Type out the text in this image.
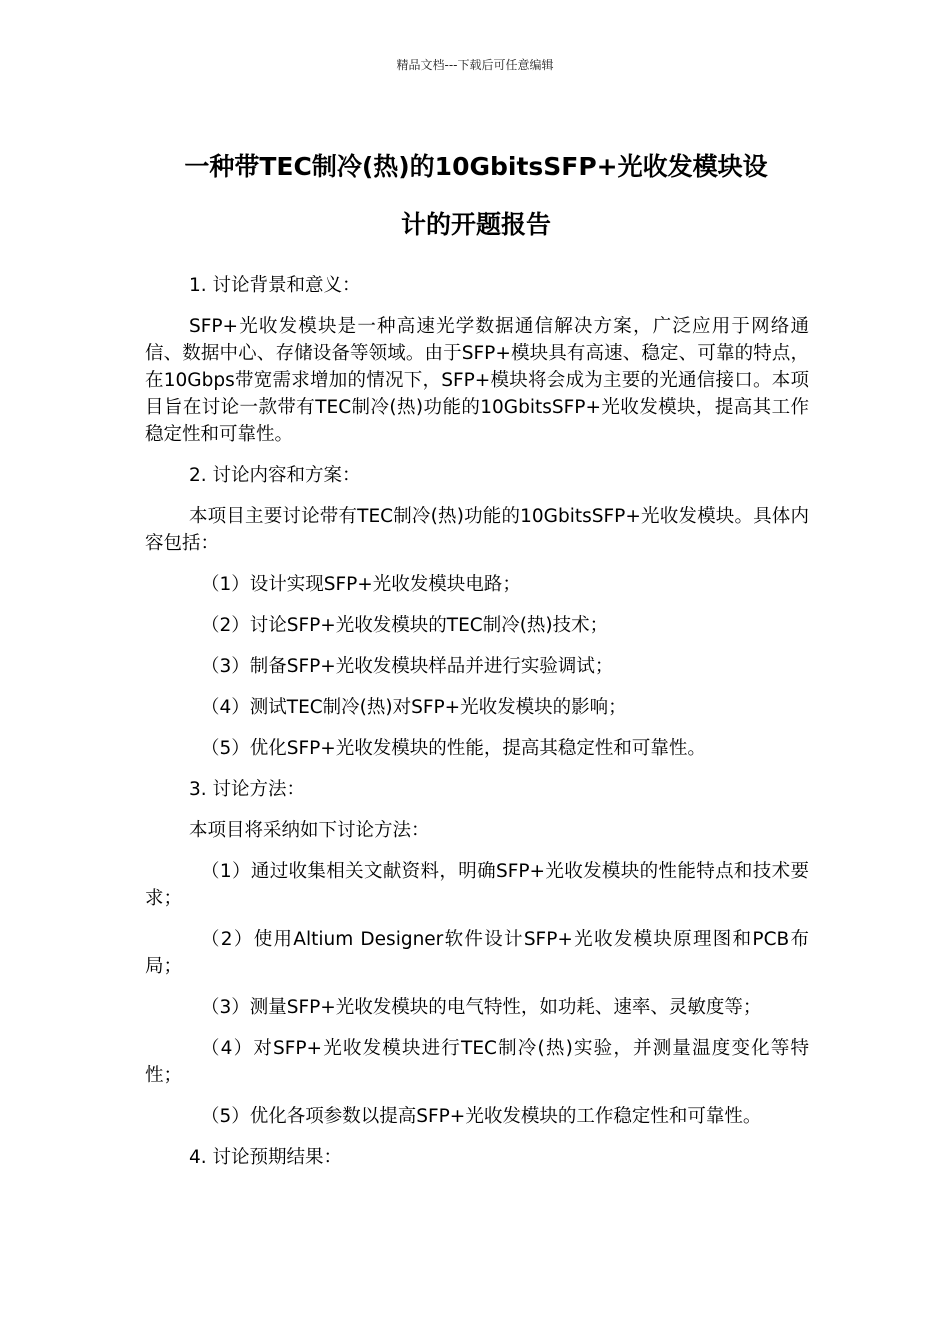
精品文档---下载后可任意编辑
一种带TEC制冷(热)的10GbitsSFP+光收发模块设
计的开题报告

1. 讨论背景和意义：

SFP+光收发模块是一种高速光学数据通信解决方案，广泛应用于网络通信、数据中心、存储设备等领域。由于SFP+模块具有高速、稳定、可靠的特点，在10Gbps带宽需求增加的情况下，SFP+模块将会成为主要的光通信接口。本项目旨在讨论一款带有TEC制冷(热)功能的10GbitsSFP+光收发模块，提高其工作稳定性和可靠性。

2. 讨论内容和方案：

本项目主要讨论带有TEC制冷(热)功能的10GbitsSFP+光收发模块。具体内容包括：

（1）设计实现SFP+光收发模块电路；

（2）讨论SFP+光收发模块的TEC制冷(热)技术；

（3）制备SFP+光收发模块样品并进行实验调试；

（4）测试TEC制冷(热)对SFP+光收发模块的影响；

（5）优化SFP+光收发模块的性能，提高其稳定性和可靠性。

3. 讨论方法：

本项目将采纳如下讨论方法：

（1）通过收集相关文献资料，明确SFP+光收发模块的性能特点和技术要求；

（2）使用Altium Designer软件设计SFP+光收发模块原理图和PCB布局；

（3）测量SFP+光收发模块的电气特性，如功耗、速率、灵敏度等；

（4）对SFP+光收发模块进行TEC制冷(热)实验，并测量温度变化等特性；

（5）优化各项参数以提高SFP+光收发模块的工作稳定性和可靠性。

4. 讨论预期结果：
